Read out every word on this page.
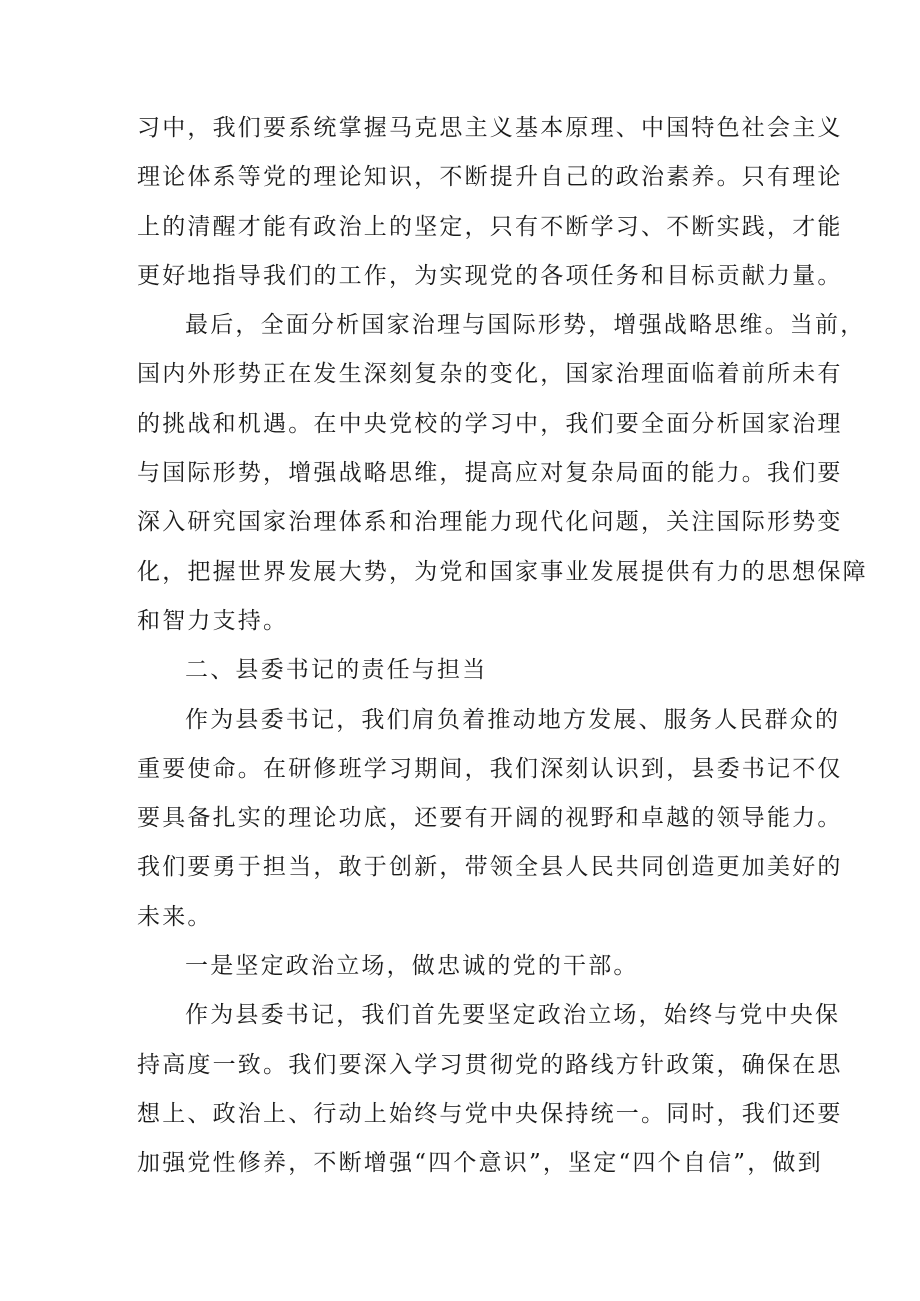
习中，我们要系统掌握马克思主义基本原理、中国特色社会主义
理论体系等党的理论知识，不断提升自己的政治素养。只有理论
上的清醒才能有政治上的坚定，只有不断学习、不断实践，才能
更好地指导我们的工作，为实现党的各项任务和目标贡献力量。
最后，全面分析国家治理与国际形势，增强战略思维。当前，
国内外形势正在发生深刻复杂的变化，国家治理面临着前所未有
的挑战和机遇。在中央党校的学习中，我们要全面分析国家治理
与国际形势，增强战略思维，提高应对复杂局面的能力。我们要
深入研究国家治理体系和治理能力现代化问题，关注国际形势变
化，把握世界发展大势，为党和国家事业发展提供有力的思想保障
和智力支持。
二、县委书记的责任与担当
作为县委书记，我们肩负着推动地方发展、服务人民群众的
重要使命。在研修班学习期间，我们深刻认识到，县委书记不仅
要具备扎实的理论功底，还要有开阔的视野和卓越的领导能力。
我们要勇于担当，敢于创新，带领全县人民共同创造更加美好的
未来。
一是坚定政治立场，做忠诚的党的干部。
作为县委书记，我们首先要坚定政治立场，始终与党中央保
持高度一致。我们要深入学习贯彻党的路线方针政策，确保在思
想上、政治上、行动上始终与党中央保持统一。同时，我们还要
加强党性修养，不断增强“四个意识”，坚定“四个自信”，做到
